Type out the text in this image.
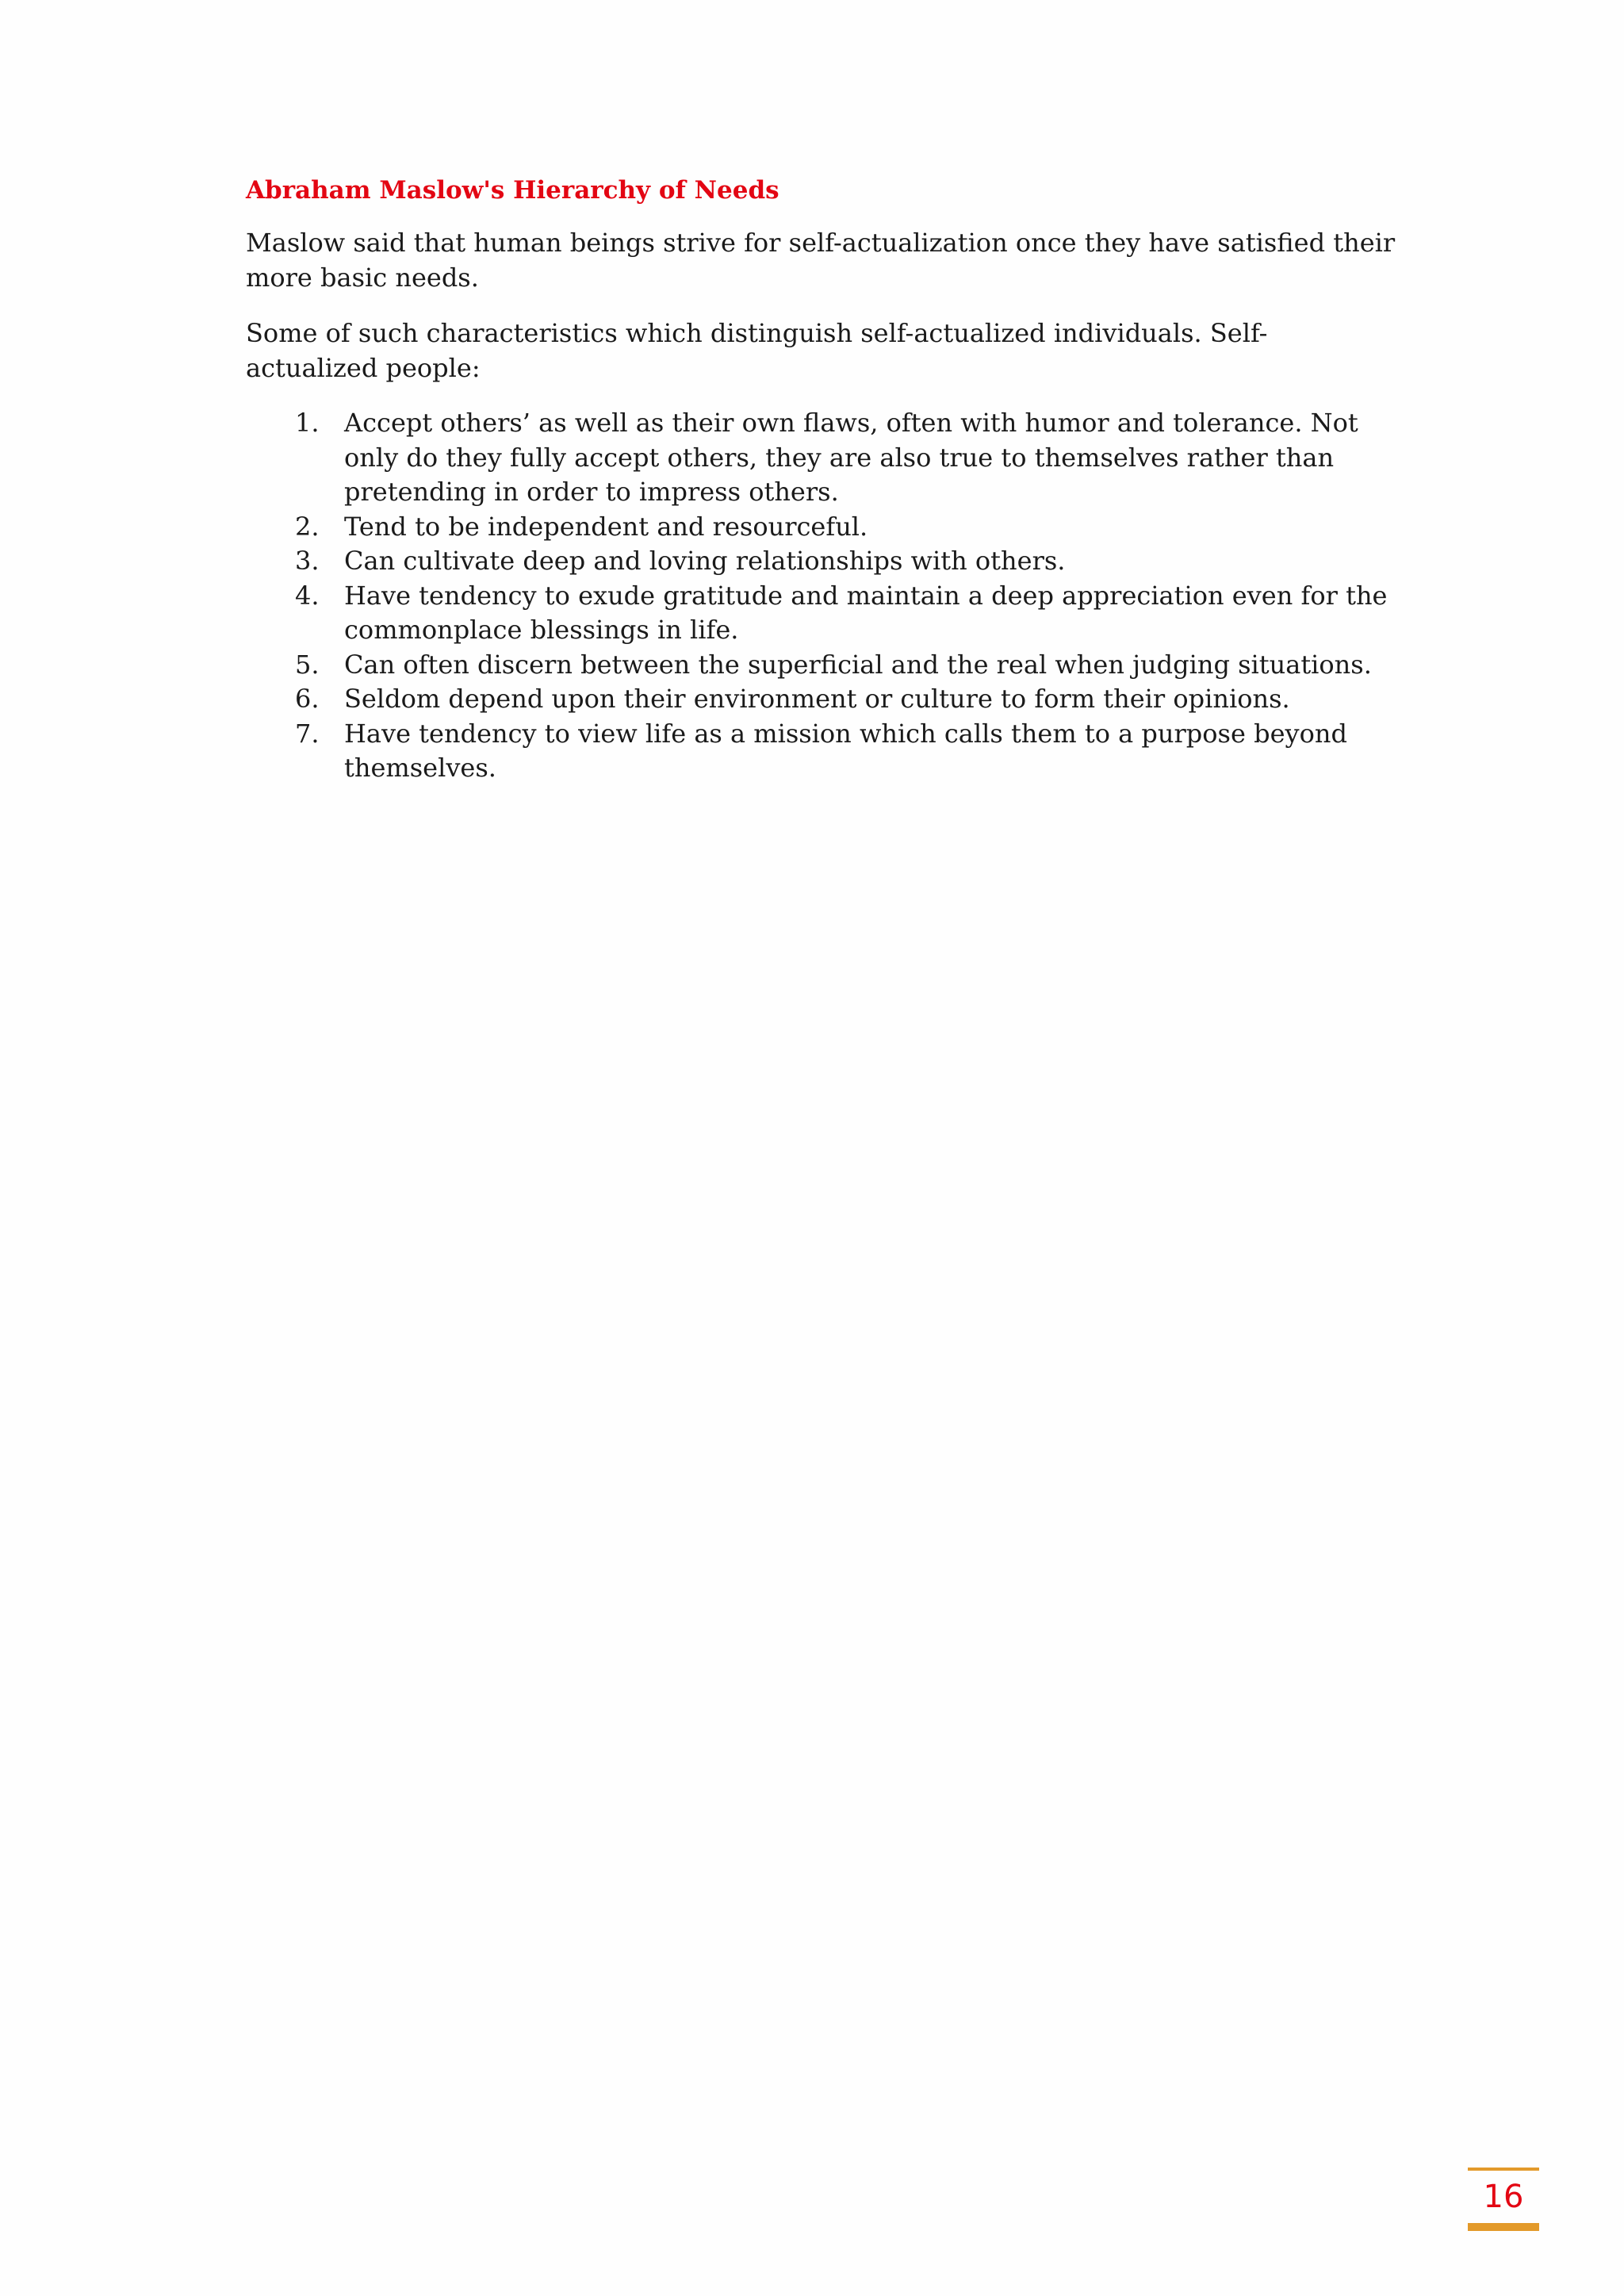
Abraham Maslow's Hierarchy of Needs

Maslow said that human beings strive for self-actualization once they have satisfied their more basic needs.

Some of such characteristics which distinguish self-actualized individuals. Self-actualized people:

1. Accept others’ as well as their own flaws, often with humor and tolerance. Not only do they fully accept others, they are also true to themselves rather than pretending in order to impress others.
2. Tend to be independent and resourceful.
3. Can cultivate deep and loving relationships with others.
4. Have tendency to exude gratitude and maintain a deep appreciation even for the commonplace blessings in life.
5. Can often discern between the superficial and the real when judging situations.
6. Seldom depend upon their environment or culture to form their opinions.
7. Have tendency to view life as a mission which calls them to a purpose beyond themselves.
16
